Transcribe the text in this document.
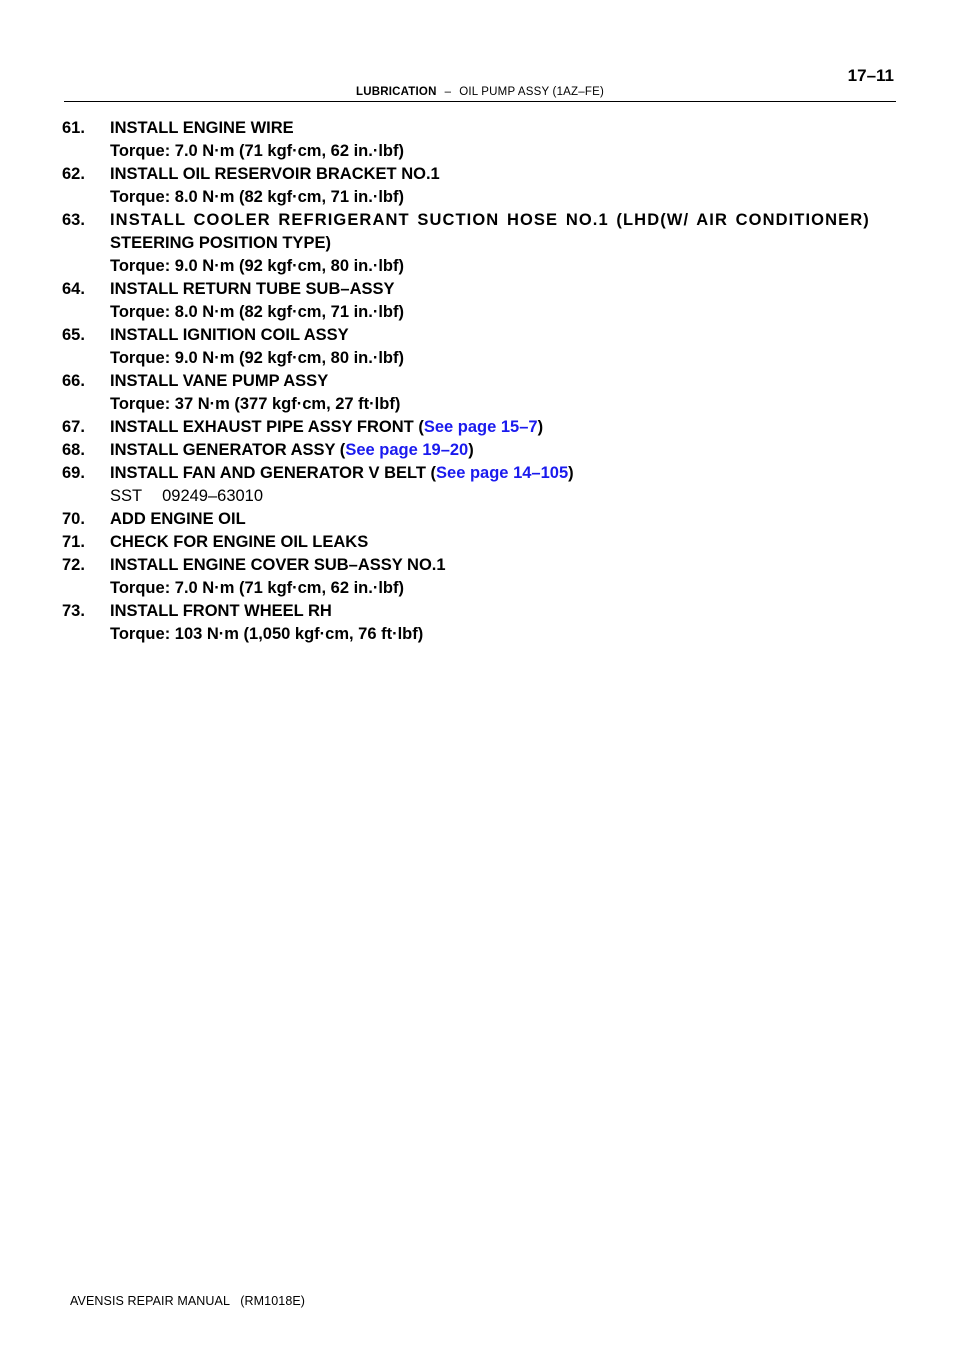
LUBRICATION – OIL PUMP ASSY (1AZ–FE)
17–11
61. INSTALL ENGINE WIRE
Torque: 7.0 N·m (71 kgf·cm, 62 in.·lbf)
62. INSTALL OIL RESERVOIR BRACKET NO.1
Torque: 8.0 N·m (82 kgf·cm, 71 in.·lbf)
63. INSTALL COOLER REFRIGERANT SUCTION HOSE NO.1 (LHD(W/ AIR CONDITIONER)
STEERING POSITION TYPE)
Torque: 9.0 N·m (92 kgf·cm, 80 in.·lbf)
64. INSTALL RETURN TUBE SUB–ASSY
Torque: 8.0 N·m (82 kgf·cm, 71 in.·lbf)
65. INSTALL IGNITION COIL ASSY
Torque: 9.0 N·m (92 kgf·cm, 80 in.·lbf)
66. INSTALL VANE PUMP ASSY
Torque: 37 N·m (377 kgf·cm, 27 ft·lbf)
67. INSTALL EXHAUST PIPE ASSY FRONT (See page 15–7)
68. INSTALL GENERATOR ASSY (See page 19–20)
69. INSTALL FAN AND GENERATOR V BELT (See page 14–105)
SST 09249–63010
70. ADD ENGINE OIL
71. CHECK FOR ENGINE OIL LEAKS
72. INSTALL ENGINE COVER SUB–ASSY NO.1
Torque: 7.0 N·m (71 kgf·cm, 62 in.·lbf)
73. INSTALL FRONT WHEEL RH
Torque: 103 N·m (1,050 kgf·cm, 76 ft·lbf)
AVENSIS REPAIR MANUAL   (RM1018E)
